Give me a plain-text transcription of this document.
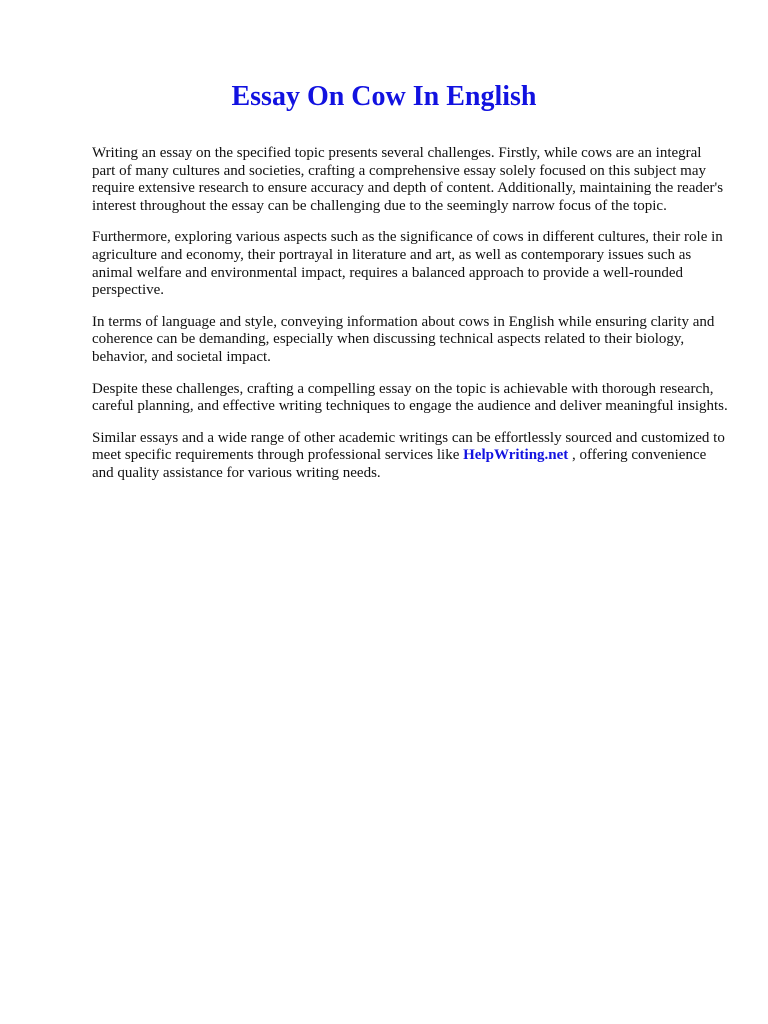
Essay On Cow In English

Writing an essay on the specified topic presents several challenges. Firstly, while cows are an integral part of many cultures and societies, crafting a comprehensive essay solely focused on this subject may require extensive research to ensure accuracy and depth of content. Additionally, maintaining the reader's interest throughout the essay can be challenging due to the seemingly narrow focus of the topic.

Furthermore, exploring various aspects such as the significance of cows in different cultures, their role in agriculture and economy, their portrayal in literature and art, as well as contemporary issues such as animal welfare and environmental impact, requires a balanced approach to provide a well-rounded perspective.

In terms of language and style, conveying information about cows in English while ensuring clarity and coherence can be demanding, especially when discussing technical aspects related to their biology, behavior, and societal impact.

Despite these challenges, crafting a compelling essay on the topic is achievable with thorough research, careful planning, and effective writing techniques to engage the audience and deliver meaningful insights.

Similar essays and a wide range of other academic writings can be effortlessly sourced and customized to meet specific requirements through professional services like HelpWriting.net , offering convenience and quality assistance for various writing needs.
